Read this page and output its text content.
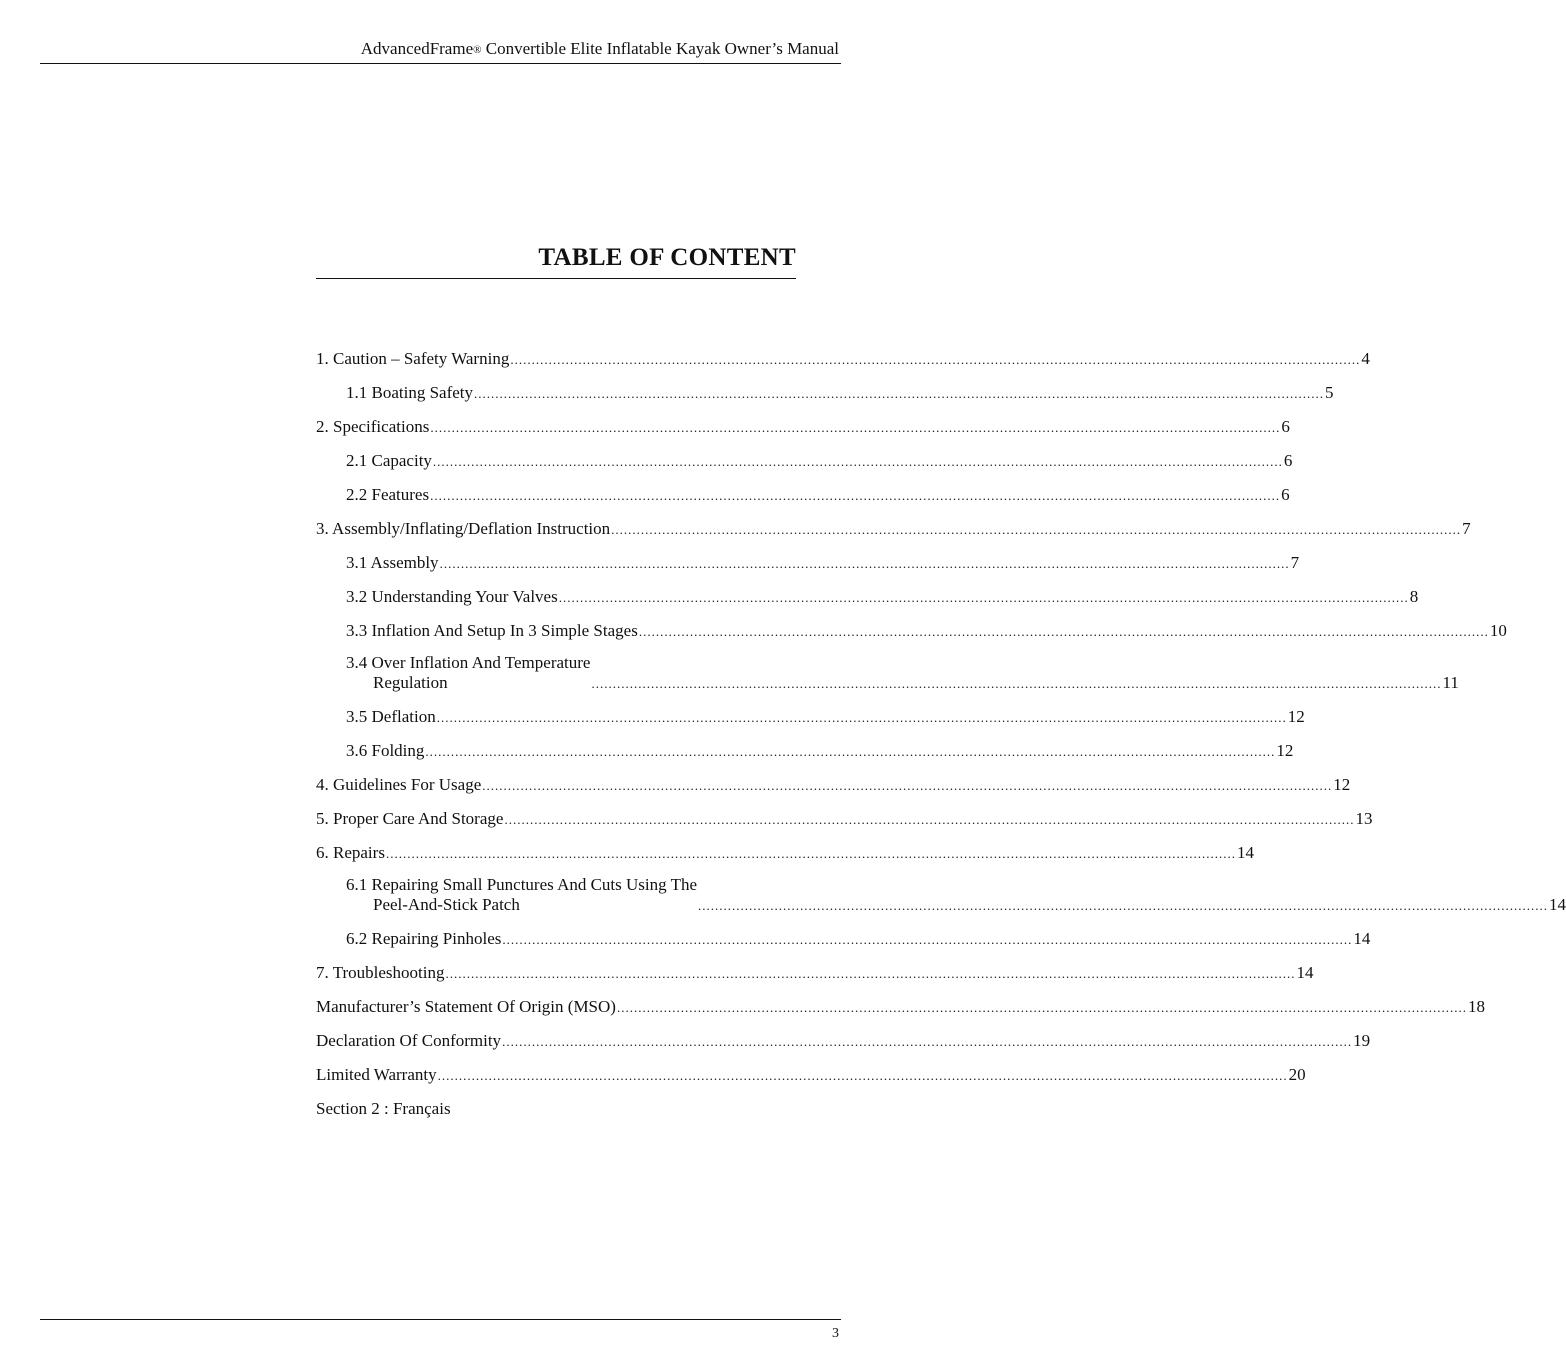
AdvancedFrame® Convertible Elite Inflatable Kayak Owner’s Manual
TABLE OF CONTENT
1. Caution – Safety Warning ........................................................................................................................................................................................................ 4
1.1 Boating Safety ........................................................................................................................................................................................................ 5
2. Specifications ........................................................................................................................................................................................................ 6
2.1 Capacity ........................................................................................................................................................................................................ 6
2.2 Features ........................................................................................................................................................................................................ 6
3. Assembly/Inflating/Deflation Instruction ........................................................................................................................................................................................................ 7
3.1 Assembly ........................................................................................................................................................................................................ 7
3.2 Understanding Your Valves ........................................................................................................................................................................................................ 8
3.3 Inflation And Setup In 3 Simple Stages ........................................................................................................................................................................................................ 10
3.4 Over Inflation And Temperature
Regulation	........................................................................................................................................................................................................ 11
3.5 Deflation ........................................................................................................................................................................................................ 12
3.6 Folding ........................................................................................................................................................................................................ 12
4. Guidelines For Usage ........................................................................................................................................................................................................ 12
5. Proper Care And Storage ........................................................................................................................................................................................................ 13
6. Repairs ........................................................................................................................................................................................................ 14
6.1 Repairing Small Punctures And Cuts Using The
Peel-And-Stick Patch	........................................................................................................................................................................................................ 14
6.2 Repairing Pinholes ........................................................................................................................................................................................................ 14
7. Troubleshooting ........................................................................................................................................................................................................ 14
Manufacturer’s Statement Of Origin (MSO) ........................................................................................................................................................................................................ 18
Declaration Of Conformity ........................................................................................................................................................................................................ 19
Limited Warranty ........................................................................................................................................................................................................ 20
Section 2 : Français
3
